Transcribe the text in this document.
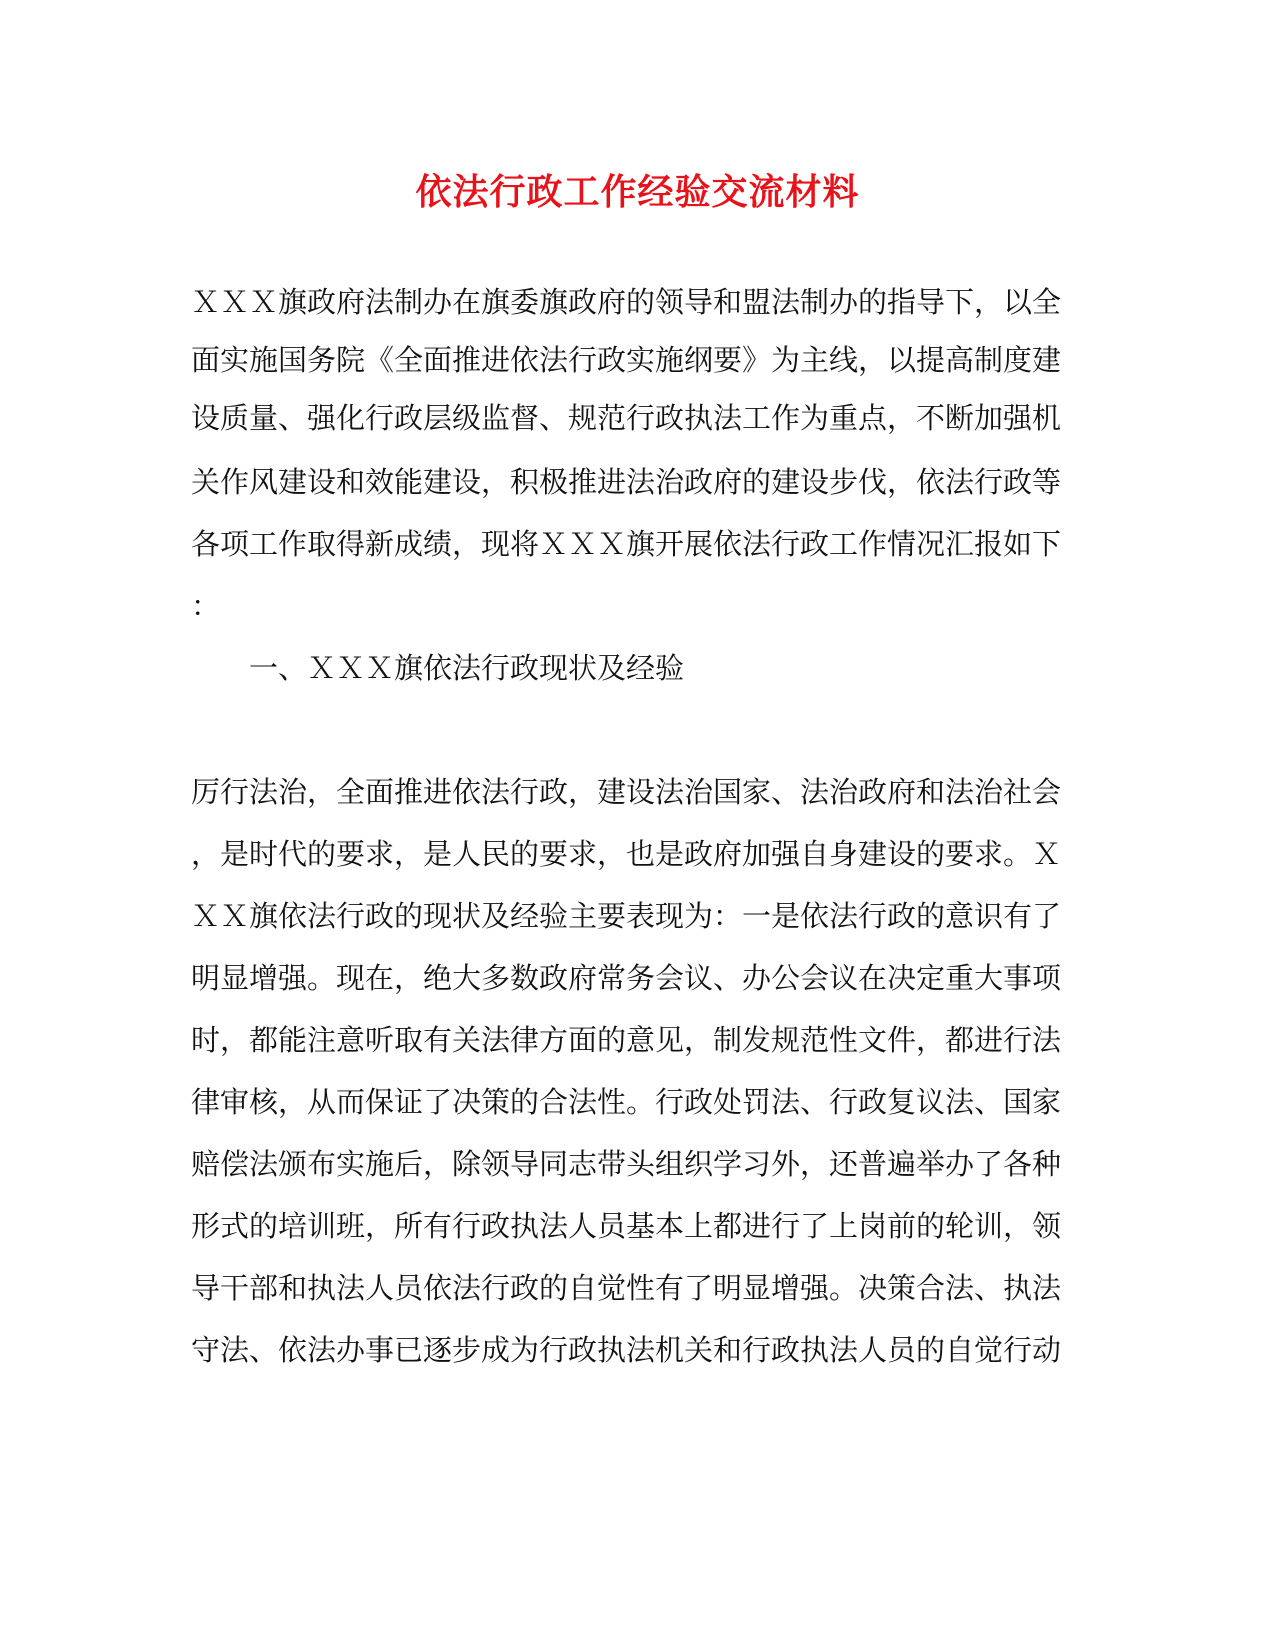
依法行政工作经验交流材料
ＸＸＸ旗政府法制办在旗委旗政府的领导和盟法制办的指导下，以全
面实施国务院《全面推进依法行政实施纲要》为主线，以提高制度建
设质量、强化行政层级监督、规范行政执法工作为重点，不断加强机
关作风建设和效能建设，积极推进法治政府的建设步伐，依法行政等
各项工作取得新成绩，现将ＸＸＸ旗开展依法行政工作情况汇报如下
：
一、ＸＸＸ旗依法行政现状及经验
厉行法治，全面推进依法行政，建设法治国家、法治政府和法治社会
，是时代的要求，是人民的要求，也是政府加强自身建设的要求。Ｘ
ＸＸ旗依法行政的现状及经验主要表现为：一是依法行政的意识有了
明显增强。现在，绝大多数政府常务会议、办公会议在决定重大事项
时，都能注意听取有关法律方面的意见，制发规范性文件，都进行法
律审核，从而保证了决策的合法性。行政处罚法、行政复议法、国家
赔偿法颁布实施后，除领导同志带头组织学习外，还普遍举办了各种
形式的培训班，所有行政执法人员基本上都进行了上岗前的轮训，领
导干部和执法人员依法行政的自觉性有了明显增强。决策合法、执法
守法、依法办事已逐步成为行政执法机关和行政执法人员的自觉行动
